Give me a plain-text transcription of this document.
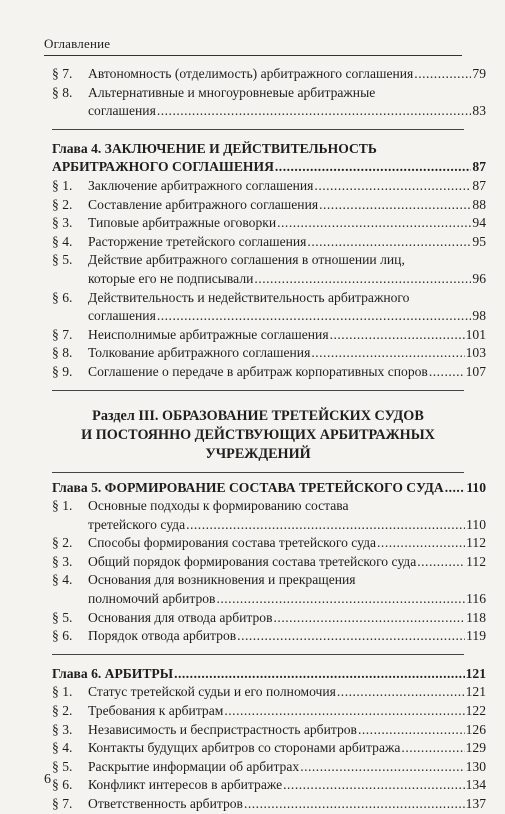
Оглавление
§ 7.	Автономность (отделимость) арбитражного соглашения .....	79
§ 8.	Альтернативные и многоуровневые арбитражные
соглашения .....	83
Глава 4. ЗАКЛЮЧЕНИЕ И ДЕЙСТВИТЕЛЬНОСТЬ
АРБИТРАЖНОГО СОГЛАШЕНИЯ .....	87
§ 1.	Заключение арбитражного соглашения .....	87
§ 2.	Составление арбитражного соглашения .....	88
§ 3.	Типовые арбитражные оговорки .....	94
§ 4.	Расторжение третейского соглашения .....	95
§ 5.	Действие арбитражного соглашения в отношении лиц,
которые его не подписывали .....	96
§ 6.	Действительность и недействительность арбитражного
соглашения .....	98
§ 7.	Неисполнимые арбитражные соглашения .....	101
§ 8.	Толкование арбитражного соглашения .....	103
§ 9.	Соглашение о передаче в арбитраж корпоративных споров .....	107
Раздел III. ОБРАЗОВАНИЕ ТРЕТЕЙСКИХ СУДОВ
И ПОСТОЯННО ДЕЙСТВУЮЩИХ АРБИТРАЖНЫХ
УЧРЕЖДЕНИЙ
Глава 5. ФОРМИРОВАНИЕ СОСТАВА ТРЕТЕЙСКОГО СУДА ..... 110
§ 1.	Основные подходы к формированию состава
третейского суда .....	110
§ 2.	Способы формирования состава третейского суда .....	112
§ 3.	Общий порядок формирования состава третейского суда .....	112
§ 4.	Основания для возникновения и прекращения
полномочий арбитров .....	116
§ 5.	Основания для отвода арбитров .....	118
§ 6.	Порядок отвода арбитров .....	119
Глава 6. АРБИТРЫ .....	121
§ 1.	Статус третейской судьи и его полномочия .....	121
§ 2.	Требования к арбитрам .....	122
§ 3.	Независимость и беспристрастность арбитров .....	126
§ 4.	Контакты будущих арбитров со сторонами арбитража .....	129
§ 5.	Раскрытие информации об арбитрах .....	130
§ 6.	Конфликт интересов в арбитраже .....	134
§ 7.	Ответственность арбитров .....	137
6
